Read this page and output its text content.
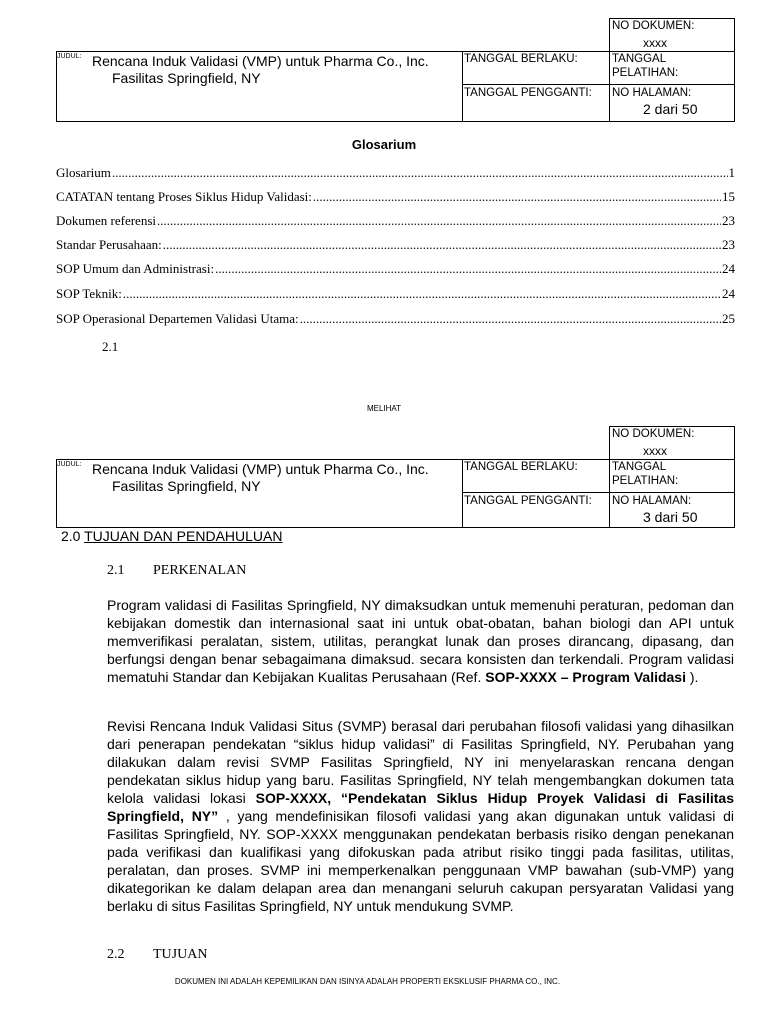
NO DOKUMEN:
xxxx
JUDUL: Rencana Induk Validasi (VMP) untuk Pharma Co., Inc.
Fasilitas Springfield, NY
TANGGAL BERLAKU:	TANGGAL
PELATIHAN:
TANGGAL PENGGANTI: NO HALAMAN:
2 dari 50
Glosarium
Glosarium .....	1
CATATAN tentang Proses Siklus Hidup Validasi: .....	15
Dokumen referensi .....	23
Standar Perusahaan: .....	23
SOP Umum dan Administrasi: .....	24
SOP Teknik: .....	24
SOP Operasional Departemen Validasi Utama: .....	25
2.1
MELIHAT
NO DOKUMEN:
xxxx
JUDUL: Rencana Induk Validasi (VMP) untuk Pharma Co., Inc.
Fasilitas Springfield, NY
TANGGAL BERLAKU:	TANGGAL
PELATIHAN:
TANGGAL PENGGANTI: NO HALAMAN:
3 dari 50
2.0 TUJUAN DAN PENDAHULUAN
2.1 PERKENALAN
Program validasi di Fasilitas Springfield, NY dimaksudkan untuk memenuhi peraturan, pedoman dan kebijakan domestik dan internasional saat ini untuk obat-obatan, bahan biologi dan API untuk memverifikasi peralatan, sistem, utilitas, perangkat lunak dan proses dirancang, dipasang, dan berfungsi dengan benar sebagaimana dimaksud. secara konsisten dan terkendali. Program validasi mematuhi Standar dan Kebijakan Kualitas Perusahaan (Ref. SOP-XXXX – Program Validasi ).
Revisi Rencana Induk Validasi Situs (SVMP) berasal dari perubahan filosofi validasi yang dihasilkan dari penerapan pendekatan “siklus hidup validasi” di Fasilitas Springfield, NY. Perubahan yang dilakukan dalam revisi SVMP Fasilitas Springfield, NY ini menyelaraskan rencana dengan pendekatan siklus hidup yang baru. Fasilitas Springfield, NY telah mengembangkan dokumen tata kelola validasi lokasi SOP-XXXX, “Pendekatan Siklus Hidup Proyek Validasi di Fasilitas Springfield, NY” , yang mendefinisikan filosofi validasi yang akan digunakan untuk validasi di Fasilitas Springfield, NY. SOP-XXXX menggunakan pendekatan berbasis risiko dengan penekanan pada verifikasi dan kualifikasi yang difokuskan pada atribut risiko tinggi pada fasilitas, utilitas, peralatan, dan proses. SVMP ini memperkenalkan penggunaan VMP bawahan (sub-VMP) yang dikategorikan ke dalam delapan area dan menangani seluruh cakupan persyaratan Validasi yang berlaku di situs Fasilitas Springfield, NY untuk mendukung SVMP.
2.2 TUJUAN
DOKUMEN INI ADALAH KEPEMILIKAN DAN ISINYA ADALAH PROPERTI EKSKLUSIF PHARMA CO., INC.
